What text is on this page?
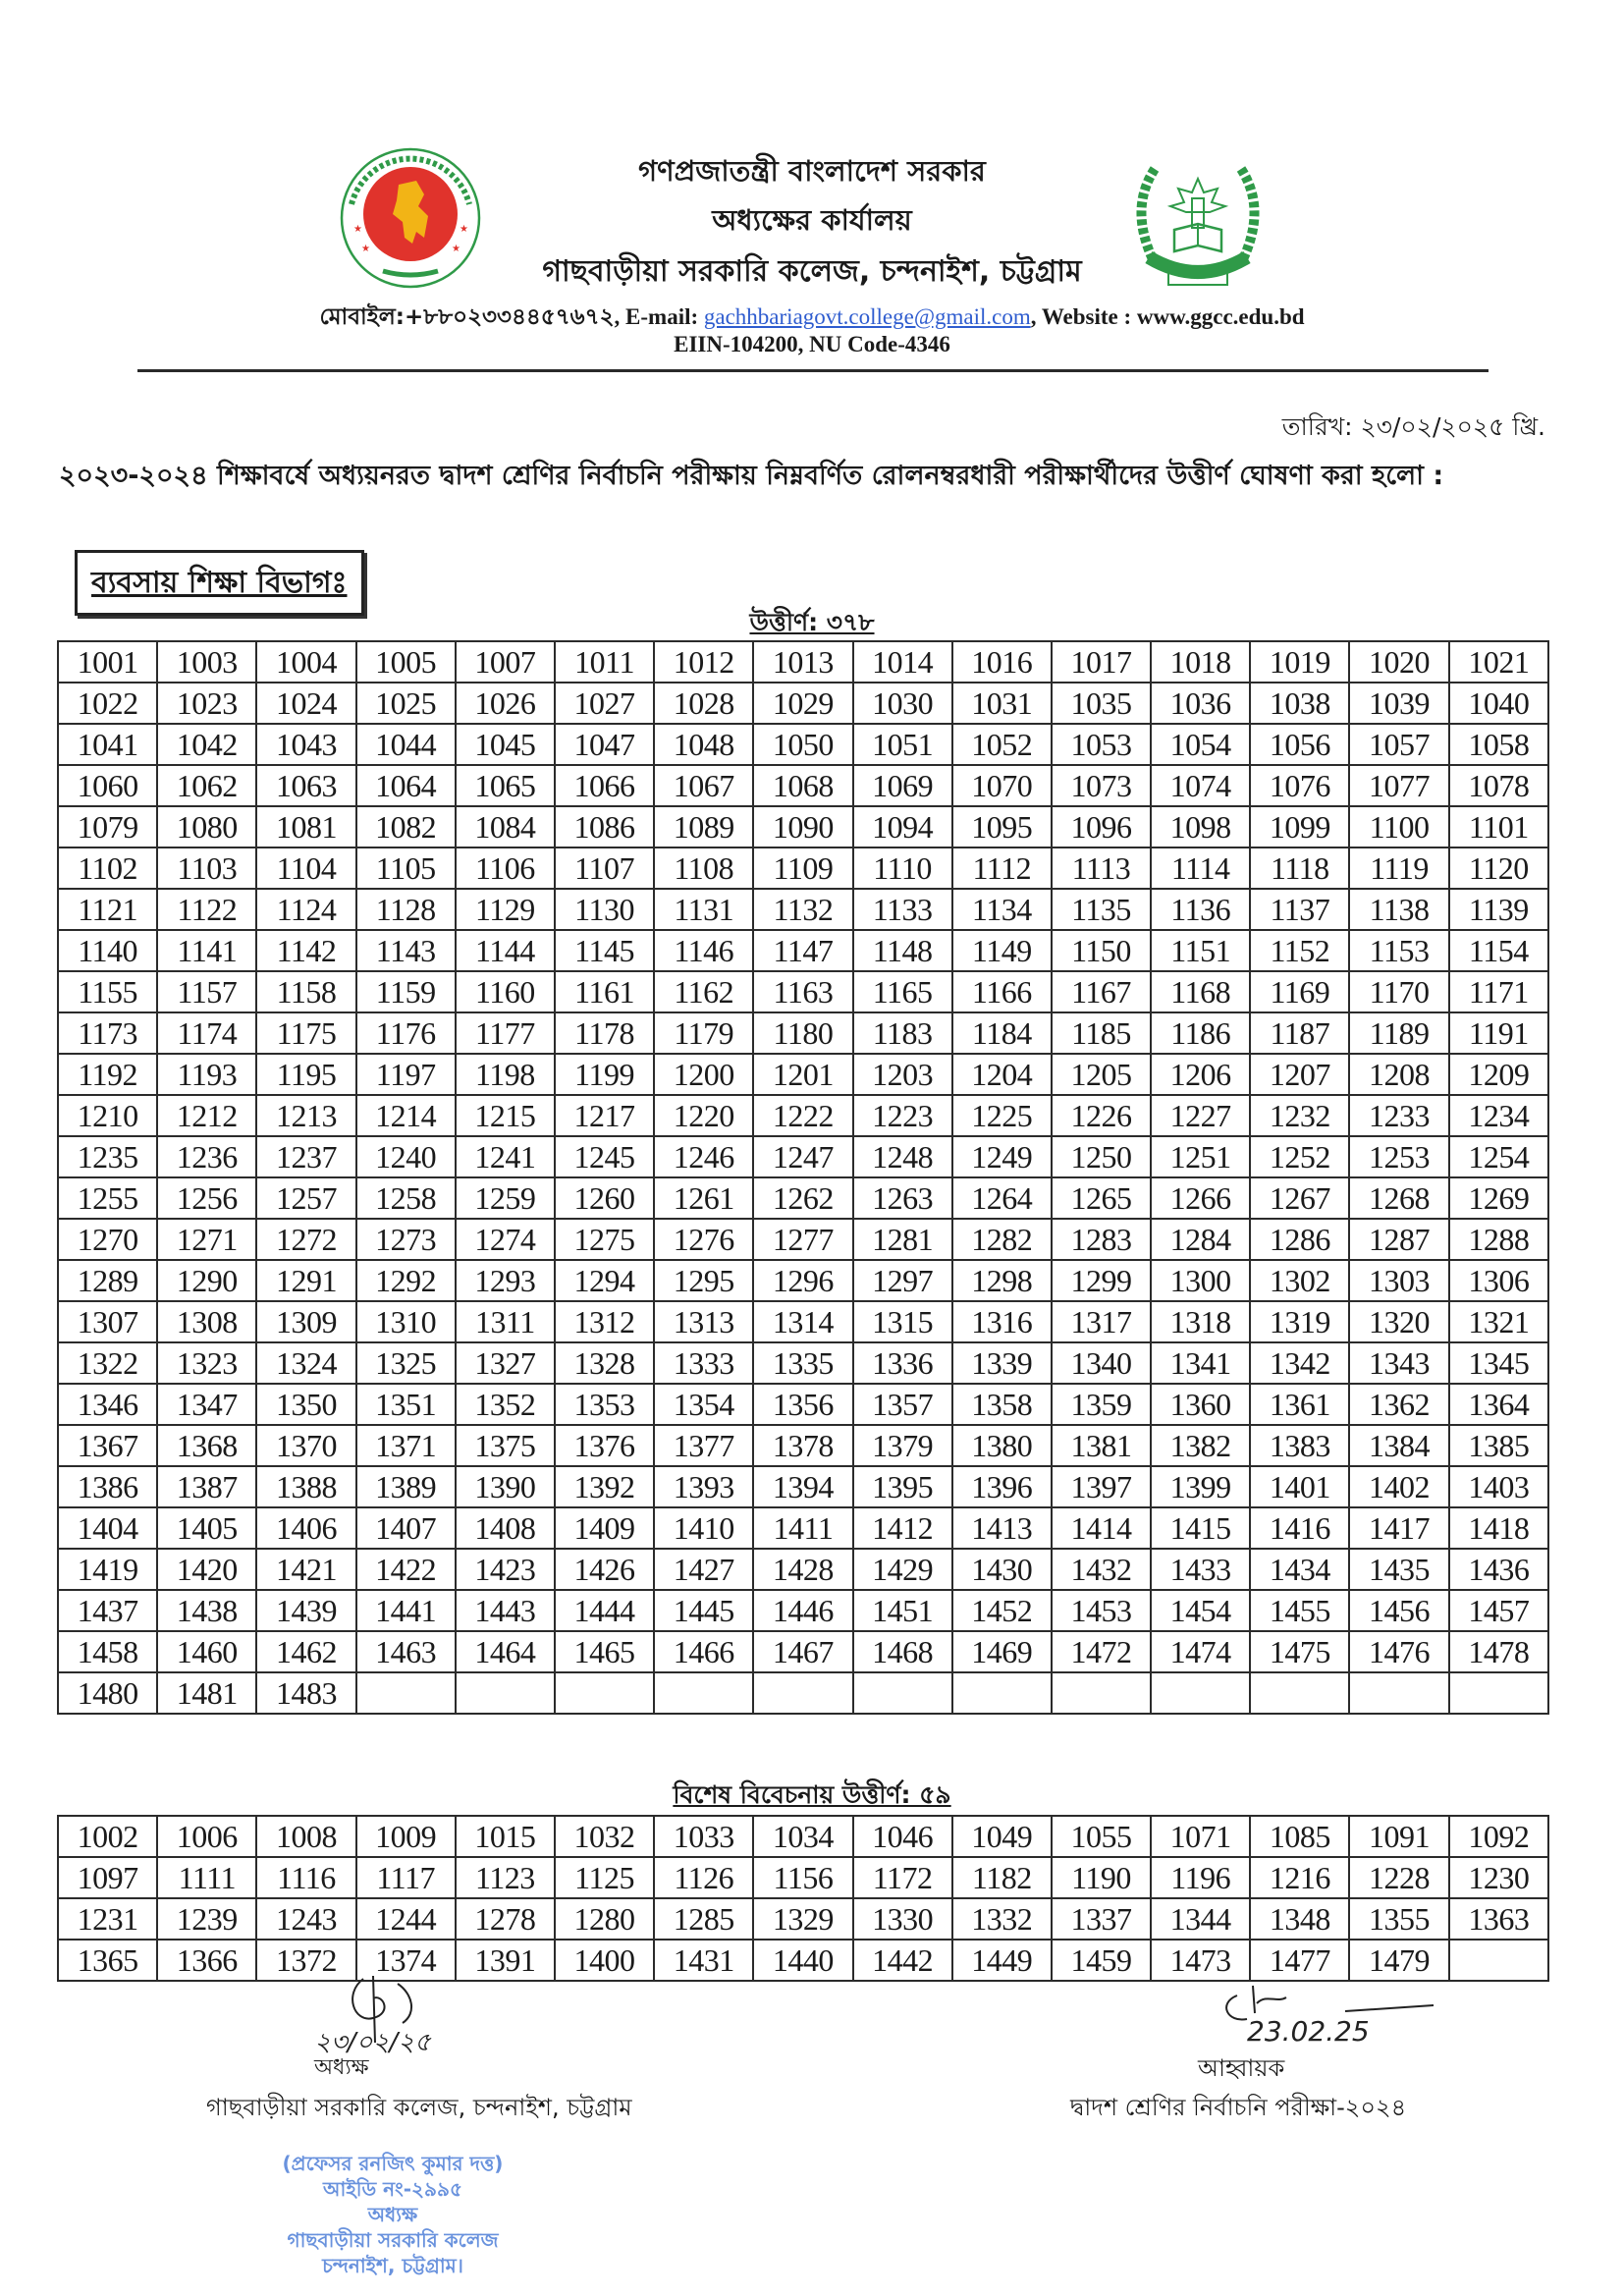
★	★
★	★
গণপ্রজাতন্ত্রী বাংলাদেশ সরকার
অধ্যক্ষের কার্যালয়
গাছবাড়ীয়া সরকারি কলেজ, চন্দনাইশ, চট্টগ্রাম
মোবাইল:+৮৮০২৩৩৪৪৫৭৬৭২, E-mail: gachhbariagovt.college@gmail.com, Website : www.ggcc.edu.bd
EIIN-104200, NU Code-4346
তারিখ: ২৩/০২/২০২৫ খ্রি.
২০২৩-২০২৪ শিক্ষাবর্ষে অধ্যয়নরত দ্বাদশ শ্রেণির নির্বাচনি পরীক্ষায় নিম্নবর্ণিত রোলনম্বরধারী পরীক্ষার্থীদের উত্তীর্ণ ঘোষণা করা হলো :
ব্যবসায় শিক্ষা বিভাগঃ
উত্তীর্ণ: ৩৭৮
1001	1003	1004	1005	1007	1011	1012	1013	1014	1016	1017	1018	1019	1020	1021
1022	1023	1024	1025	1026	1027	1028	1029	1030	1031	1035	1036	1038	1039	1040
1041	1042	1043	1044	1045	1047	1048	1050	1051	1052	1053	1054	1056	1057	1058
1060	1062	1063	1064	1065	1066	1067	1068	1069	1070	1073	1074	1076	1077	1078
1079	1080	1081	1082	1084	1086	1089	1090	1094	1095	1096	1098	1099	1100	1101
1102	1103	1104	1105	1106	1107	1108	1109	1110	1112	1113	1114	1118	1119	1120
1121	1122	1124	1128	1129	1130	1131	1132	1133	1134	1135	1136	1137	1138	1139
1140	1141	1142	1143	1144	1145	1146	1147	1148	1149	1150	1151	1152	1153	1154
1155	1157	1158	1159	1160	1161	1162	1163	1165	1166	1167	1168	1169	1170	1171
1173	1174	1175	1176	1177	1178	1179	1180	1183	1184	1185	1186	1187	1189	1191
1192	1193	1195	1197	1198	1199	1200	1201	1203	1204	1205	1206	1207	1208	1209
1210	1212	1213	1214	1215	1217	1220	1222	1223	1225	1226	1227	1232	1233	1234
1235	1236	1237	1240	1241	1245	1246	1247	1248	1249	1250	1251	1252	1253	1254
1255	1256	1257	1258	1259	1260	1261	1262	1263	1264	1265	1266	1267	1268	1269
1270	1271	1272	1273	1274	1275	1276	1277	1281	1282	1283	1284	1286	1287	1288
1289	1290	1291	1292	1293	1294	1295	1296	1297	1298	1299	1300	1302	1303	1306
1307	1308	1309	1310	1311	1312	1313	1314	1315	1316	1317	1318	1319	1320	1321
1322	1323	1324	1325	1327	1328	1333	1335	1336	1339	1340	1341	1342	1343	1345
1346	1347	1350	1351	1352	1353	1354	1356	1357	1358	1359	1360	1361	1362	1364
1367	1368	1370	1371	1375	1376	1377	1378	1379	1380	1381	1382	1383	1384	1385
1386	1387	1388	1389	1390	1392	1393	1394	1395	1396	1397	1399	1401	1402	1403
1404	1405	1406	1407	1408	1409	1410	1411	1412	1413	1414	1415	1416	1417	1418
1419	1420	1421	1422	1423	1426	1427	1428	1429	1430	1432	1433	1434	1435	1436
1437	1438	1439	1441	1443	1444	1445	1446	1451	1452	1453	1454	1455	1456	1457
1458	1460	1462	1463	1464	1465	1466	1467	1468	1469	1472	1474	1475	1476	1478
1480	1481	1483												
বিশেষ বিবেচনায় উত্তীর্ণ: ৫৯
1002	1006	1008	1009	1015	1032	1033	1034	1046	1049	1055	1071	1085	1091	1092
1097	1111	1116	1117	1123	1125	1126	1156	1172	1182	1190	1196	1216	1228	1230
1231	1239	1243	1244	1278	1280	1285	1329	1330	1332	1337	1344	1348	1355	1363
1365	1366	1372	1374	1391	1400	1431	1440	1442	1449	1459	1473	1477	1479	
২৩/০২/২৫
অধ্যক্ষ
গাছবাড়ীয়া সরকারি কলেজ, চন্দনাইশ, চট্টগ্রাম
23.02.25
আহ্বায়ক
দ্বাদশ শ্রেণির নির্বাচনি পরীক্ষা-২০২৪
(প্রফেসর রনজিৎ কুমার দত্ত)
আইডি নং-২৯৯৫
অধ্যক্ষ
গাছবাড়ীয়া সরকারি কলেজ
চন্দনাইশ, চট্টগ্রাম।
